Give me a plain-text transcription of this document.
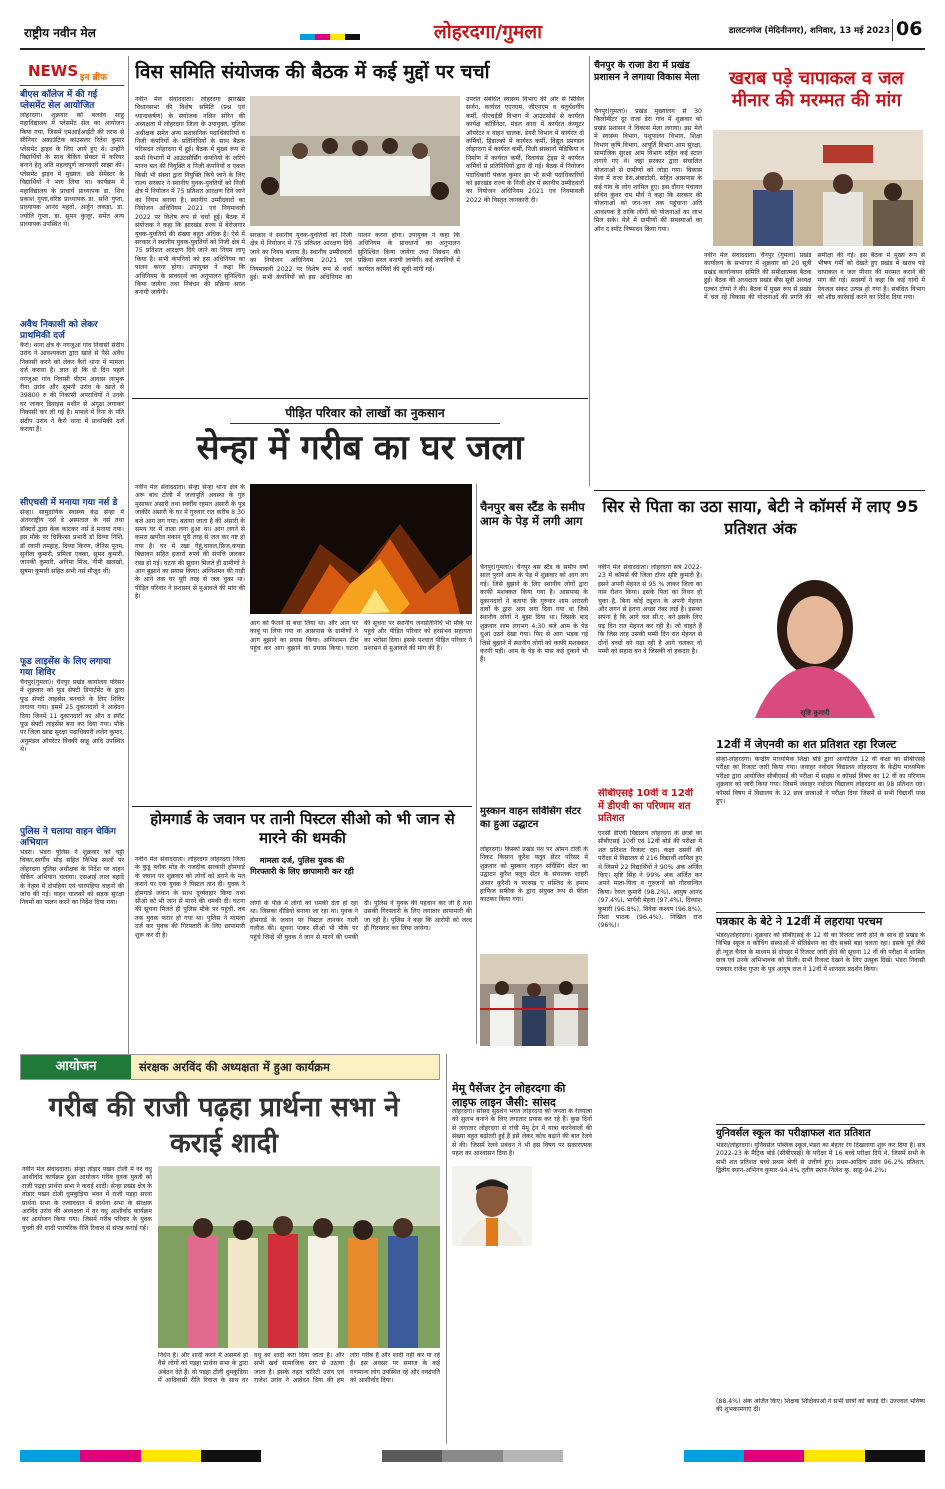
राष्ट्रीय नवीन मेल	लोहरदगा/गुमला	डालटनगंज (मेदिनीनगर), शनिवार, 13 मई 2023 06
NEWS इन ब्रीफ
बीएस कॉलेज में की गई प्लेसमेंट सेल आयोजित
लोहरदगा। शुक्रवार को बलदेव साहु महाविद्यालय में प्लेसमेंट सेल का आयोजन किया गया, जिसमें एमआईआईटी की तरफ से सीनियर अकाउंटिक कांउसलर रितेश कुमार प्लेसमेंट ड्राइव के लिए आये हुए थे। उन्होंने विद्यार्थियों के साथ बैकिंग सेक्टर में करियर बनाने हेतु अति महत्वपूर्ण जानकारी साझा की। प्लेसमेंट ड्राइव में मुख्यत: छठे सेमेस्टर के विद्यार्थियों ने भाग लिया था। कार्यक्रम में महाविद्यालय के प्राचार्य प्राध्यापक डा. शिव प्रकाश गुप्ता,वरिष्ठ प्राध्यापक डा. सशि गुप्ता, प्राध्यापक आनंद महतो, अर्जुन लकड़ा, डा. ज्योति गुप्ता, डा. सुमन कुजूर, समेत अन्य प्राध्यापक उपस्थित थे।
अवैध निकासी को लेकर प्राथमिकी दर्ज
कैरो। थाना क्षेत्र के नगजुआ गांव निवासी संदीप उरांव ने आवश्यकता द्वारा खाते से पैसे अवैध निकासी करने को लेकर कैरो थाना में मामला दर्ज कराया है। ज्ञात हो कि दो दिन पहले नगजुआ गांव निवासी पीएम आवास लाभुक रीना उरांव और सुमनी उरांव के खाते से 39800 रु की निकासी अपराधियों ने उनके घर जाकर डिवाइस मशीन से अंगूठा लगाकर निकासी कर ली गई है। मामले में रिना के पति संदीप उरांव ने कैरो थाना में प्राथमिकी दर्ज कराया है।
सीएचसी में मनाया गया नर्स डे
सेन्हा। सामुदायिक स्वास्थ्य केंद्र सेन्हा में अंतरराष्ट्रीय नर्स डे अस्पताल के नर्स तथा डॉक्टरों द्वारा केक काटकर नर्स डे मनाया गया। इस मौके पर चिकित्सा प्रभारी डॉ दिव्या निशि, डॉ रवानी तमहाह, दिव्या किरण, जैनिस पूनम, सुनीता कुमारी, प्रमिला एक्का, सुमन कुमारी, जानकी कुमारी, अनिमा मिंज, नीमी खलखो, सुषमा कुमारी सहित सभी नर्स मौजूद थीं।
फूड लाइसेंस के लिए लगाया गया शिविर
चैनपुर(गुमला)। चैनपुर प्रखंड कार्यालय परिसर में शुक्रवार को फूड सेफ्टी डिपार्टमेंट के द्वारा फूड सेफ्टी लाइसेंस बनवाने के लिए शिविर लगाया गया। इसमें 25 दुकानदारों ने आवेदन दिया जिनमें 11 दुकानदारों का ऑन द स्पॉट फूड सेफ्टी लाइसेंस बना कर दिया गया। मौके पर जिला खाद्य सुरक्षा पदाधिकारी ललेन कुमार, अनुमंडल ऑपरेटर विक्की साहू आदि उपस्थित थे।
पुलिस ने चलाया वाहन चेकिंग अभियान
भंडरा। भंडरा पुलिस ने शुक्रवार को चट्टी चिकर,स्वर्गीय मोड़ सहित विभिन्न स्थलों पर लोहरदगा पुलिस अधीक्षक के निर्देश पर वाहन चेकिंग अभियान चलाया। एसआई लाल बहादे के नेतृत्व में दोपहिया एवं चारपहिया वाहनों की जांच की गई। वाहन चालकों को सड़क सुरक्षा नियमों का पालन करने का निर्देश दिया गया।
विस समिति संयोजक की बैठक में कई मुद्दों पर चर्चा
नवीन मेल संवाददाता। लोहरदगा झारखंड विधानसभा की विशेष समिति (प्रश्न एवं ध्यानाकर्षण) के संयोजक नलिन सोरेन की अध्यक्षता में लोहरदगा जिला के उपायुक्त, पुलिस अधीक्षक समेत अन्य प्रशासनिक पदाधिकारियों व निजी कंपनियों के प्रतिनिधियों के साथ बैठक परिसदन लोहरदगा में हुई। बैठक में मुख्य रूप से सभी विभागों में आउटसोर्सिंग कंपनियों के जरिये मानव बल की नियुक्ति व निजी कंपनियों व एकल किसी भी संस्था द्वारा नियुक्ति किये जाने के लिए राज्य सरकार ने स्थानीय युवक-युवतियों को निजी क्षेत्र में नियोजन में 75 प्रतिशत आरक्षण दिये जाने का नियम बनाया है। स्थानीय उम्मीदवारों का नियोजन अधिनियम 2021 एवं नियमावली 2022 पर विशेष रूप से चर्चा हुई। बैठक में संयोजक ने कहा कि झारखंड राज्य में बेरोजगार युवक-युवतियों की संख्या बहुत अधिक है। ऐसे में सरकार ने स्थानीय युवक-युवतियों को निजी क्षेत्र में 75 प्रतिशत आरक्षण दिये जाने का नियम लागू किया है। सभी कंपनियों को इस अधिनियम का पालन करना होगा। उपायुक्त ने कहा कि अधिनियम के प्रावधानों का अनुपालन सुनिश्चित किया जायेगा तथा निबंधन की प्रक्रिया सरल बनायी जायेगी।
सरकार ने स्थानीय युवक-युवतियों को निजी क्षेत्र में नियोजन में 75 प्रतिशत आरक्षण दिये जाने का नियम बनाया है। स्थानीय उम्मीदवारों का नियोजन अधिनियम 2021 एवं नियमावली 2022 पर विशेष रूप से चर्चा हुई। सभी कंपनियों को इस अधिनियम का पालन करना होगा। उपायुक्त ने कहा कि अधिनियम के प्रावधानों का अनुपालन सुनिश्चित किया जायेगा तथा निबंधन की प्रक्रिया सरल बनायी जायेगी। कई कंपनियों में कार्यरत कर्मियों की सूची मांगी गई।
उपरांत संबंधित स्वास्थ्य विभाग की ओर से सिविल सर्जन, कार्यरत एएनएम, जीएनएम व चतुर्थवर्गीय कर्मी, पीएचईडी विभाग में आउटसोर्स से कार्यरत कार्यक्ष कॉर्डिनेटर, मंडल कारा में कार्यरत कंप्यूटर ऑपरेटर व वाहन चालक, डेयरी विभाग में कार्यरत दो कर्मियों, हिंडाल्को में कार्यरत कर्मी, विद्युत प्रमण्डल लोहरदगा में कार्यरत कर्मी, निजी संस्थानों मेडिकिया व निर्माण में कार्यरत कर्मी, रिलायंस ट्रेंड्स में कार्यरत कर्मियों से प्रतिनिधियों द्वारा दी गई। बैठक में नियोजन पदाधिकारी पंकज कुमार झा भी सभी पदाधिकारियों को झारखंड राज्य के निजी क्षेत्र में स्थानीय उम्मीदवारों का नियोजन अधिनियम 2021 एवं नियमावली 2022 की विस्तृत जानकारी दी।
चैनपुर के राजा डेरा में प्रखंड प्रशासन ने लगाया विकास मेला
चैनपुर(गुमला)। प्रखंड मुख्यालय से 30 किलोमीटर दूर राजा डेरा गांव में शुक्रवार को प्रखंड प्रशासन ने विकास मेला लगाया। इस मेले में स्वास्थ्य विभाग, पशुपालन विभाग, शिक्षा विभाग कृषि विभाग, आपूर्ति विभाग आम सुरक्षा, सामाजिक सुरक्षा आम विभाग सहित कई स्टाल लगाये गए थे। जहां सरकार द्वारा संचालित योजनाओं से ग्रामीणों को जोड़ा गया। विकास मेला में राजा डेरा,अंबाटोली, सहित आसपास के कई गांव के लोग शामिल हुए। इस दौरान पंचायत सचिव कुंवर राम मौर्य ने कहा कि सरकार की योजनाओं को जन-जन तक पहुंचाना अति आवश्यक है ताकि लोगों को योजनाओं का लाभ मिल सके। मेले में ग्रामीणों की समस्याओं का ऑन द स्पॉट निष्पादन किया गया।
खराब पड़े चापाकल व जल मीनार की मरम्मत की मांग
नवीन मेल संवाददाता। चैनपुर (गुमला) प्रखंड कार्यालय के सभागार में शुक्रवार को 20 सूत्री प्रखंड कार्यान्वयन समिति की समीक्षात्मक बैठक हुई। बैठक की अध्यक्षता प्रखंड बीस सूत्री अध्यक्ष एल्बन टोप्पो ने की। बैठक में मुख्य रूप से प्रखंड में चल रहे विकास की योजनाओं की प्रगति की समीक्षा की गई। इस बैठक में मुख्य रूप से भीषण गर्मी को देखते हुए प्रखंड में खराब पड़े चापाकल व जल मीनार की मरम्मत कराने की मांग की गई। सदस्यों ने कहा कि कई गांवों में पेयजल संकट उत्पन्न हो गया है। संबंधित विभाग को शीघ्र कार्रवाई करने का निर्देश दिया गया।
पीड़ित परिवार को लाखों का नुकसान
सेन्हा में गरीब का घर जला
नवीन मेल संवाददाता। सेन्हा सेन्हा थाना क्षेत्र के अरू बांध टोली में जलापूर्ति अवस्था के गुरु मुसाफ़र अंसारी तथा स्वर्गीय रहमत अंसारी के पुत्र जाकीर अंसारी के घर में गुरुवार रात करीब 8:30 बजे आग लग गया। बताया जाता है की अंसारी के समय घर में ताला लगा हुआ था। आग लगने से कमरा खपरैल मकान पूरी तरह से जल कर नष्ट हो गया है। घर में रखा गेहूं,चावल,फ्रिज,कपड़ा बिछावन सहित हजारों रुपये की संपत्ति जलकर राख हो गई। घटना की सूचना मिलते ही ग्रामीणों ने आग बुझाने का प्रयास किया। अग्निशमन की गाड़ी के आने तक घर पूरी तरह से जल चुका था। पीड़ित परिवार ने प्रशासन से मुआवजे की मांग की है।
आग को फैलने से बचा लिया था। और आग पर काबू पा लिया गया था आसपास के ग्रामीणों ने आग बुझाने का प्रयास किया। अग्निशमन टीम पहुंच कर आग बुझाने का प्रयास किया। घटना की सूचना पर स्थानीय जनप्रतिनिधि भी मौके पर पहुंचे और पीड़ित परिवार को हरसंभव सहायता का भरोसा दिया। इसके पश्चात पीड़ित परिवार ने प्रशासन से मुआवजे की मांग की है।
चैनपुर बस स्टैंड के समीप आम के पेड़ में लगी आग
चैनपुर(गुमला)। चैनपुर बस स्टैंड के समीप वर्षों साल पुराने आम के पेड़ में शुक्रवार को आग लग गई। जिसे बुझाने के लिए स्थानीय लोगों द्वारा काफी मशक्कत किया गया है। आसपास के दुकानदारों ने बताया कि गुरुवार शाम शरारती तत्वों के द्वारा आग लगा दिया गया था जिसे स्थानीय लोगों ने बुझा दिया था। जिसके बाद शुक्रवार शाम लगभग 4:30 बजे आम के पेड़ धुआं उठते देखा गया। फिर से आग भड़क गई जिसे बुझाने में स्थानीय लोगों को काफी मशक्कत करनी पड़ी। आम के पेड़ के पास कई दुकानें भी हैं।
सिर से पिता का उठा साया, बेटी ने कॉमर्स में लाए 95 प्रतिशत अंक
नवीन मेल संवाददाता। लोहरदगा सत्र 2022-23 में कॉमर्स की जिला टॉपर सृष्टि कुमारी है। इसने अपनी मेहनत से 95 % लाकर जिला का नाम रौशन किया। इसके पिता का निधन हो चुका है, बिना कोई ट्यूशन के अपनी मेहनत और लगन से इतना अच्छा नंबर लाई है। इसका सपना है कि आगे चल सी.ए. बने इसके लिए पढ़ दिन रात मेहनत कर रही है। जो चाहते हैं कि जिस तरह उसकी मम्मी दिन रात मेहनत से दोनों बच्चों को पढ़ा रही है आगे चलकर वो मम्मी को सहारा बन दे जिसकी वो हकदार है।
सृष्टि कुमारी
सीबीएसई 10वीं व 12वीं में डीएवी का परिणाम शत प्रतिशत
एनसी डीएवी विद्यालय लोहरदगा के छात्रों का सीबीएसई 10वीं एवं 12वीं बोर्ड की परीक्षा में शत प्रतिशत रिजल्ट रहा। कक्षा दसवीं की परीक्षा में विद्यालय से 216 विद्यार्थी शामिल हुए थे जिसमें 22 विद्यार्थियों ने 90% अंक अर्जित किए। सृष्टि सिंह ने 99% अंक अर्जित कर अपने माता-पिता व गुरुजनों को गौरवान्वित किया। रेचल कुमारी (98.2%), आयुष आनंद (97.4%), भार्गवी मेहता (97.4%), दिव्यांश कुमारी (96.8%), विवेक कश्यप (96.8%), निशा पाठक (96.4%), निखिल राज (96%)।
12वीं में जेएनवी का शत प्रतिशत रहा रिजल्ट
सेन्हा-लोहरदगा। केन्द्रीय माध्यमिक शिक्षा बोर्ड द्वारा आयोजित 12 वीं कक्षा का सीबीएसई परीक्षा का रिजल्ट जारी किया गया। जवाहर नवोदय विद्यालय लोहरदगा के केंद्रीय माध्यमिक परीक्षा द्वारा आयोजित सीबीएसई की परीक्षा में साइंस व कॉमर्स विषय का 12 वीं का परिणाम शुक्रवार को जारी किया गया। जिसमें जवाहर नवोदय विद्यालय लोहरदगा का 98 प्रतिशत रहा। कॉमर्स विषय में विद्यालय के 32 छात्र छात्राओं ने परीक्षा दिया जिसमें से सभी विद्यार्थी पास हुए।
पत्रकार के बेटे ने 12वीं में लहराया परचम
भंडरा/लोहरदगा। शुक्रवार को सीबीएसई के 12 वीं का रिजल्ट जारी होने के साथ ही प्रखंड के विभिन्न स्कूल व कोचिंग संस्थाओं में सेलिब्रेशन का दौर सबसे बड़ा चलता रहा। इसके पूर्व जैसे ही न्यूज़ चैनल के माध्यम से दोपहर में रिजल्ट जारी होने की सूचना 12 वीं की परीक्षा में शामिल छात्र एवं उनके अभिभावक को मिली। सभी रिजल्ट देखने के लिए उत्सुक दिखे। भंडरा निवासी पत्रकार राजेश गुप्ता के पुत्र आयुष राज ने 12वीं में शानदार प्रदर्शन किया।
युनिवर्सल स्कूल का परीक्षाफल शत प्रतिशत
भंडरा/लोहरदगा। युनिवर्सल पब्लिक स्कूल,भंडरा का बेहतर रंग दिखलाया शुरू कर दिया है। सत्र 2022-23 के मैट्रिक बोर्ड (सीबीएसई) के परीक्षा में 16 बच्चे परीक्षा दिये थे, जिसमें सभी के सभी शत प्रतिशत बच्चे प्रथम श्रेणी से उत्तीर्ण हुए। प्रथम-आदित्य उरांव 96.2% प्रतिशत, द्वितीय स्थान-अभिनव कुमार-94.4% तृतीय स्थान-निलेश कु. साहू-94.2%।
(88.4%) अंक अर्जित किए। शिक्षक शिक्षिकाओं ने सभी छात्रों को बधाई दी। उज्ज्वल भविष्य की शुभकामनाएं दीं।
होमगार्ड के जवान पर तानी पिस्टल सीओ को भी जान से मारने की धमकी
नवीन मेल संवाददाता। लोहरदगा लोहरदगा जिला के कुडू ब्लॉक मोड़ के नजदीक सरकारी होमगार्ड के जवान पर शुक्रवार को लोगों को डराने के मत कराने पर एक युवक ने पिस्टल तान दी। युवक ने होमगार्ड जवान के साथ दुर्व्यवहार किया तथा सीओ को भी जान से मारने की धमकी दी। घटना की सूचना मिलते ही पुलिस मौके पर पहुंची, तब तक युवक फरार हो गया था। पुलिस ने मामला दर्ज कर युवक की गिरफ्तारी के लिए छापामारी शुरू कर दी है।
मामला दर्ज, पुलिस युवक की गिरफ्तारी के लिए छापामारी कर रही
लोगों के पीछे में लोगों को धमकी देता हो रहा था। जिसका वीडियो बनाया जा रहा था। युवक ने होमगार्ड के जवान पर पिस्टल तानकर गाली गलौज की। सूचना पाकर सीओ भी मौके पर पहुंचे जिन्हें भी युवक ने जान से मारने की धमकी दी। पुलिस ने युवक की पहचान कर ली है तथा उसकी गिरफ्तारी के लिए लगातार छापामारी की जा रही है। पुलिस ने कहा कि आरोपी को जल्द ही गिरफ्तार कर लिया जायेगा।
मुस्कान वाहन सर्विसिंग सेंटर का हुआ उद्घाटन
लोहरदगा। किस्को प्रखंड पथ पर ओमन टोली के निकट किसान कुरैश फ्लूव सेंटर परिसर में शुक्रवार को मुस्कान वाहन सर्विसिंग सेंटर का उद्घाटन कुरैश फ्लूव सेंटर के संचालक शाहरी अंसार कुरैशी व फारुख ए मस्जिद के इमाम हाफिज सफीक के द्वारा संयुक्त रूप से फीता काटकर किया गया।
आयोजन	संरक्षक अरविंद की अध्यक्षता में हुआ कार्यक्रम
गरीब की राजी पढ़हा प्रार्थना सभा ने कराई शादी
नवीन मेल संवाददाता। सेन्हा तोड़ार पखन टोली में वर वधु आशीर्वाद कार्यक्रम हुआ आयोजन गरीब युवक युवती को राजी पढ़हा प्रार्थना सभा ने कराई शादी। सेन्हा प्रखंड क्षेत्र के तोड़ार पखन टोली धुमकुड़िया भवन में राजी पड़हा सरना प्रार्थना सभा के तत्वावधान में प्रार्थना सभा के संरक्षक अरविंद उरांव की अध्यक्षता में वर वधु आशीर्वाद कार्यक्रम का आयोजन किया गया। जिसमें गरीब परिवार के युवक युवती की शादी पारंपरिक रीति रिवाज से संपन्न कराई गई।
निर्धन है। और शादी करने में असमर्थ हो वैसे लोगों को पड़हा प्रार्थना सभा के द्वारा अंबेदन देते हैं। वो पड़हा टोली धुमकुड़िया में आदिवासी रीति रिवाज के साथ वर वधु का शादी करा दिया जाता है। और सभी खर्च सामाजिक स्तर से उठाया जाता है। इसके तहत चारिटी उरांव एवं राजेश उरांव ने आवेदन दिया की हम लोग गरीब हैं और शादी नहीं कर पा रहे हैं। इस अवसर पर समाज के कई गणमान्य लोग उपस्थित रहे और नवदंपति को आशीर्वाद दिया।
मेमू पैसेंजर ट्रेन लोहरदगा की लाइफ लाइन जैसी: सांसद
लोहरदगा। सांसद सुदर्शन भगत लोहरदगा की जनता के रेलयात्रा को सुलभ बनाने के लिए लगातार प्रयास कर रहे हैं। कुछ दिनों से लगातार लोहरदगा से रांची मेमू ट्रेन में यात्रा करनेवालों की संख्या बहुत बढ़ोतरी हुई है इसे लेकर कोच बढ़ाने की बात रेलवे से की। जिसमें रेलवे प्रबंधन ने भी इस विषय पर सकारात्मक पहल का आश्वासन दिया है।
